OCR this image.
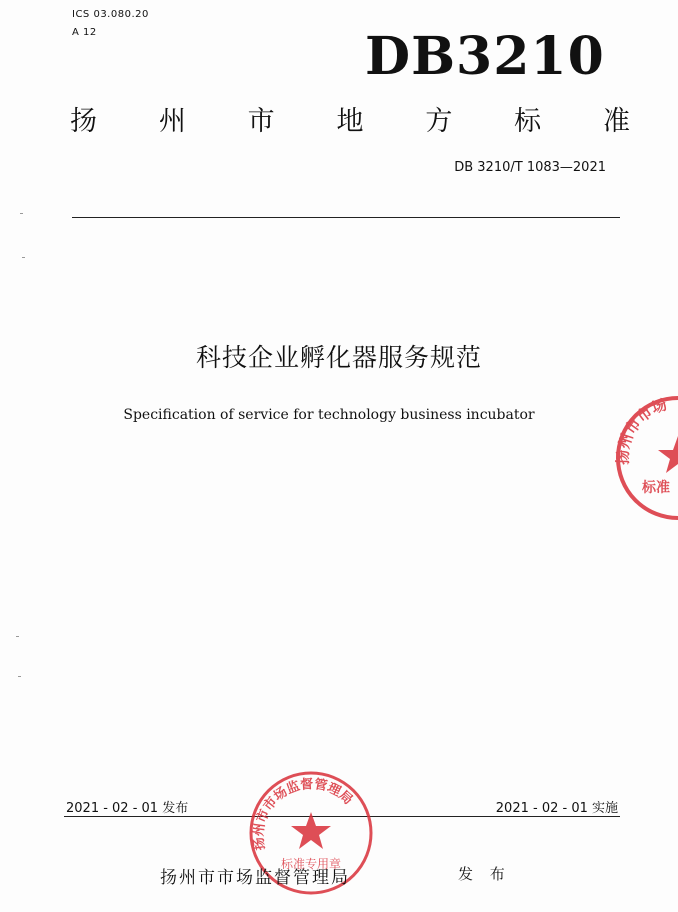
ICS 03.080.20
A 12	DB3210
扬 州 市 地 方 标 准
DB 3210/T 1083—2021
科技企业孵化器服务规范
Specification of service for technology business incubator
扬州市市场
标准
2021 - 02 - 01 发布	2021 - 02 - 01 实施
扬州市市场监督管理局
标准专用章
扬州市市场监督管理局	发 布
